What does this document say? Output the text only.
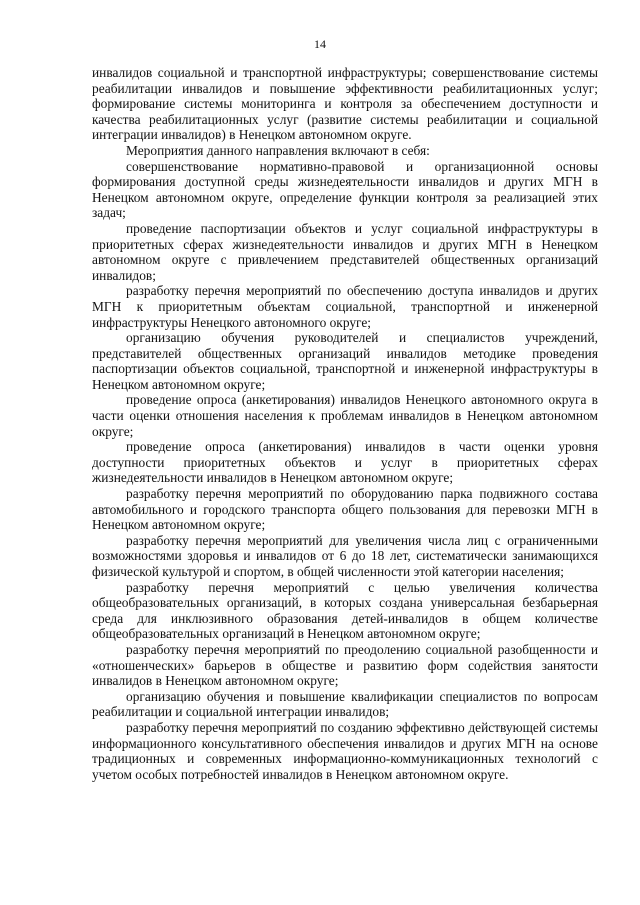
14

инвалидов социальной и транспортной инфраструктуры; совершенствование системы реабилитации инвалидов и повышение эффективности реабилитационных услуг; формирование системы мониторинга и контроля за обеспечением доступности и качества реабилитационных услуг (развитие системы реабилитации и социальной интеграции инвалидов) в Ненецком автономном округе.

Мероприятия данного направления включают в себя:

совершенствование нормативно-правовой и организационной основы формирования доступной среды жизнедеятельности инвалидов и других МГН в Ненецком автономном округе, определение функции контроля за реализацией этих задач;

проведение паспортизации объектов и услуг социальной инфраструктуры в приоритетных сферах жизнедеятельности инвалидов и других МГН в Ненецком автономном округе с привлечением представителей общественных организаций инвалидов;

разработку перечня мероприятий по обеспечению доступа инвалидов и других МГН к приоритетным объектам социальной, транспортной и инженерной инфраструктуры Ненецкого автономного округе;

организацию обучения руководителей и специалистов учреждений, представителей общественных организаций инвалидов методике проведения паспортизации объектов социальной, транспортной и инженерной инфраструктуры в Ненецком автономном округе;

проведение опроса (анкетирования) инвалидов Ненецкого автономного округа в части оценки отношения населения к проблемам инвалидов в Ненецком автономном округе;

проведение опроса (анкетирования) инвалидов в части оценки уровня доступности приоритетных объектов и услуг в приоритетных сферах жизнедеятельности инвалидов в Ненецком автономном округе;

разработку перечня мероприятий по оборудованию парка подвижного состава автомобильного и городского транспорта общего пользования для перевозки МГН в Ненецком автономном округе;

разработку перечня мероприятий для увеличения числа лиц с ограниченными возможностями здоровья и инвалидов от 6 до 18 лет, систематически занимающихся физической культурой и спортом, в общей численности этой категории населения;

разработку перечня мероприятий с целью увеличения количества общеобразовательных организаций, в которых создана универсальная безбарьерная среда для инклюзивного образования детей-инвалидов в общем количестве общеобразовательных организаций в Ненецком автономном округе;

разработку перечня мероприятий по преодолению социальной разобщенности и «отношенческих» барьеров в обществе и развитию форм содействия занятости инвалидов в Ненецком автономном округе;

организацию обучения и повышение квалификации специалистов по вопросам реабилитации и социальной интеграции инвалидов;

разработку перечня мероприятий по созданию эффективно действующей системы информационного консультативного обеспечения инвалидов и других МГН на основе традиционных и современных информационно-коммуникационных технологий с учетом особых потребностей инвалидов в Ненецком автономном округе.
